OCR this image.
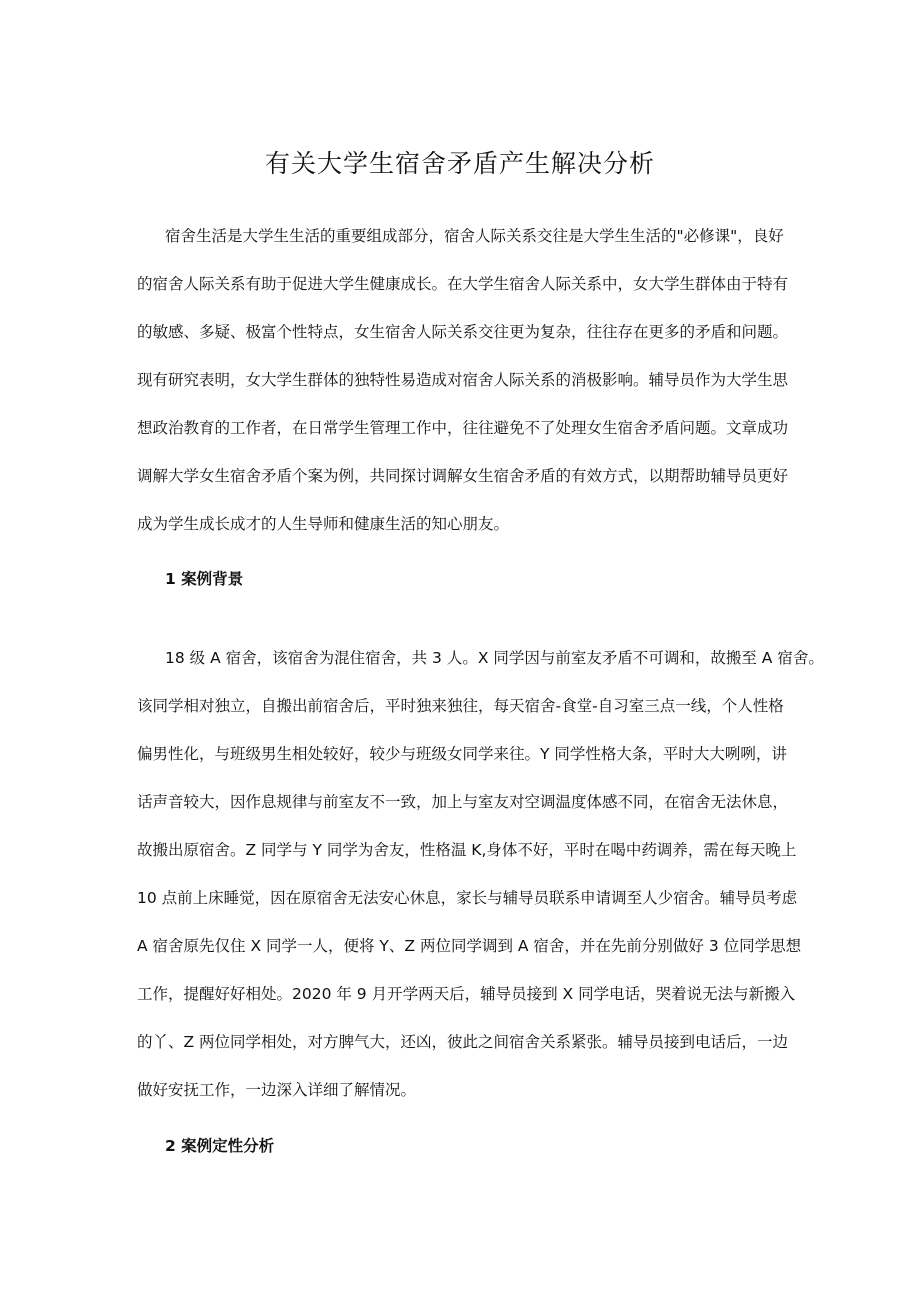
有关大学生宿舍矛盾产生解决分析

宿舍生活是大学生生活的重要组成部分，宿舍人际关系交往是大学生生活的"必修课"，良好

的宿舍人际关系有助于促进大学生健康成长。在大学生宿舍人际关系中，女大学生群体由于特有

的敏感、多疑、极富个性特点，女生宿舍人际关系交往更为复杂，往往存在更多的矛盾和问题。

现有研究表明，女大学生群体的独特性易造成对宿舍人际关系的消极影响。辅导员作为大学生思

想政治教育的工作者，在日常学生管理工作中，往往避免不了处理女生宿舍矛盾问题。文章成功

调解大学女生宿舍矛盾个案为例，共同探讨调解女生宿舍矛盾的有效方式，以期帮助辅导员更好

成为学生成长成才的人生导师和健康生活的知心朋友。

1 案例背景

18 级 A 宿舍，该宿舍为混住宿舍，共 3 人。X 同学因与前室友矛盾不可调和，故搬至 A 宿舍。

该同学相对独立，自搬出前宿舍后，平时独来独往，每天宿舍-食堂-自习室三点一线，个人性格

偏男性化，与班级男生相处较好，较少与班级女同学来往。Y 同学性格大条，平时大大咧咧，讲

话声音较大，因作息规律与前室友不一致，加上与室友对空调温度体感不同，在宿舍无法休息，

故搬出原宿舍。Z 同学与 Y 同学为舍友，性格温 K,身体不好，平时在喝中药调养，需在每天晚上

10 点前上床睡觉，因在原宿舍无法安心休息，家长与辅导员联系申请调至人少宿舍。辅导员考虑

A 宿舍原先仅住 X 同学一人，便将 Y、Z 两位同学调到 A 宿舍，并在先前分别做好 3 位同学思想

工作，提醒好好相处。2020 年 9 月开学两天后，辅导员接到 X 同学电话，哭着说无法与新搬入

的丫、Z 两位同学相处，对方脾气大，还凶，彼此之间宿舍关系紧张。辅导员接到电话后，一边

做好安抚工作，一边深入详细了解情况。

2 案例定性分析
